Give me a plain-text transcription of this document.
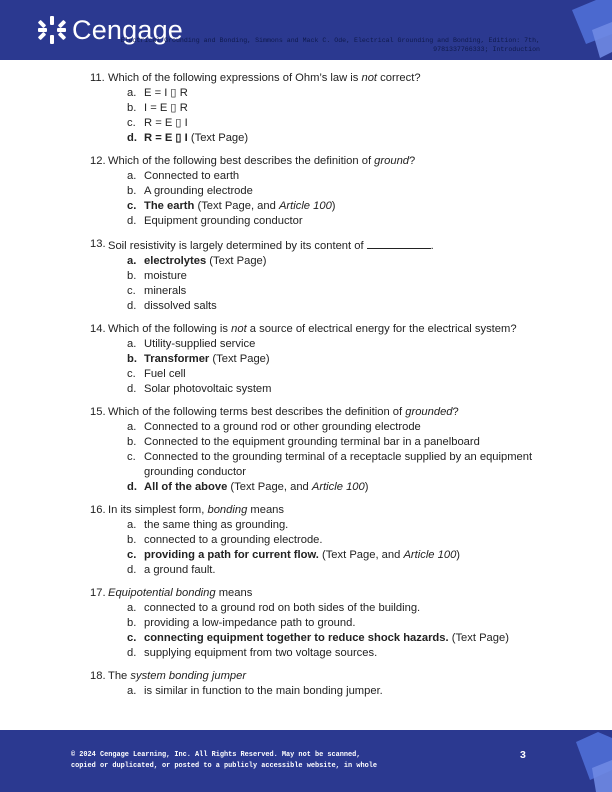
Cengage
Electrical Grounding and Bonding, Simmons and Mack C. Ode, Electrical Grounding and Bonding, Edition: 7th,
9781337766333; Introduction
11. Which of the following expressions of Ohm’s law is not correct?
a. E = I ▯ R
b. I = E ▯ R
c. R = E ▯ I
d. R = E ▯ I (Text Page)
12. Which of the following best describes the definition of ground?
a. Connected to earth
b. A grounding electrode
c. The earth (Text Page, and Article 100)
d. Equipment grounding conductor
13. Soil resistivity is largely determined by its content of	.
a. electrolytes (Text Page)
b. moisture
c. minerals
d. dissolved salts
14. Which of the following is not a source of electrical energy for the electrical system?
a. Utility-supplied service
b. Transformer (Text Page)
c. Fuel cell
d. Solar photovoltaic system
15. Which of the following terms best describes the definition of grounded?
a. Connected to a ground rod or other grounding electrode
b. Connected to the equipment grounding terminal bar in a panelboard
c. Connected to the grounding terminal of a receptacle supplied by an equipment grounding conductor
d. All of the above (Text Page, and Article 100)
16. In its simplest form, bonding means
a. the same thing as grounding.
b. connected to a grounding electrode.
c. providing a path for current flow. (Text Page, and Article 100)
d. a ground fault.
17. Equipotential bonding means
a. connected to a ground rod on both sides of the building.
b. providing a low-impedance path to ground.
c. connecting equipment together to reduce shock hazards. (Text Page)
d. supplying equipment from two voltage sources.
18. The system bonding jumper
a. is similar in function to the main bonding jumper.
© 2024 Cengage Learning, Inc. All Rights Reserved. May not be scanned,
copied or duplicated, or posted to a publicly accessible website, in whole
3
